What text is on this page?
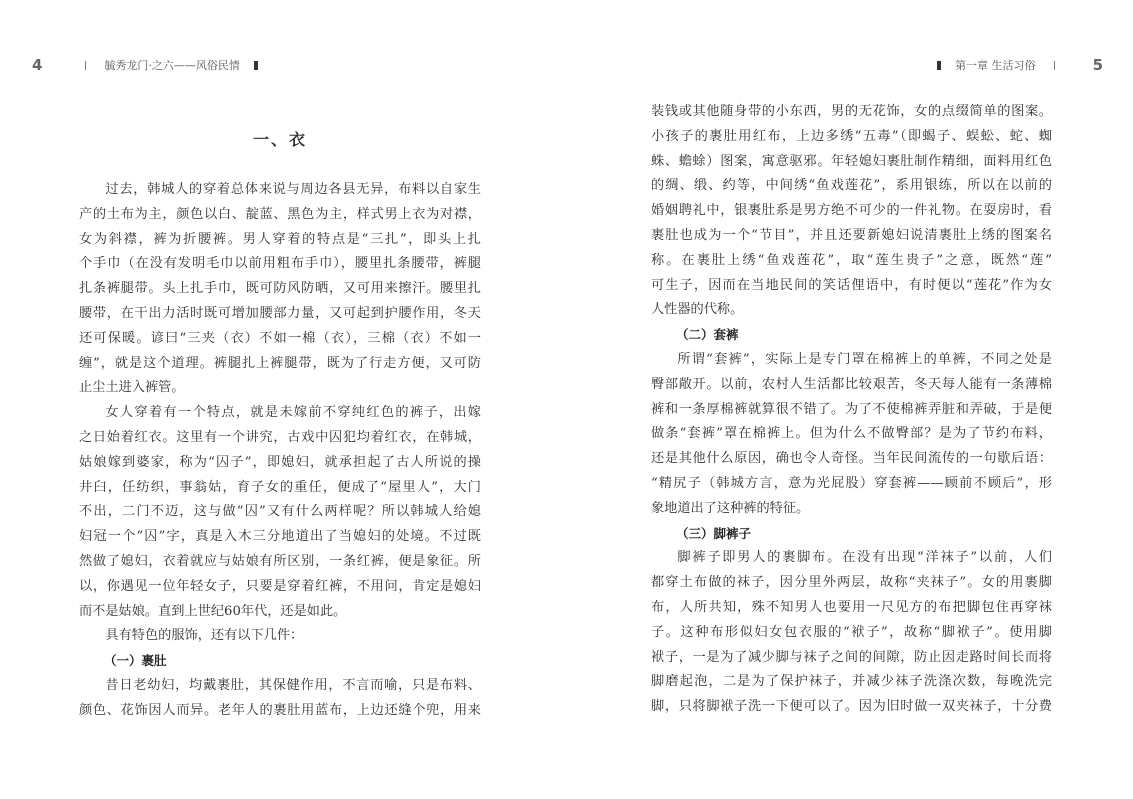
4	毓秀龙门·之六——风俗民情
一、衣
过去，韩城人的穿着总体来说与周边各县无异，布料以自家生
产的土布为主，颜色以白、靛蓝、黑色为主，样式男上衣为对襟，
女为斜襟，裤为折腰裤。男人穿着的特点是“三扎”，即头上扎
个手巾（在没有发明毛巾以前用粗布手巾），腰里扎条腰带，裤腿
扎条裤腿带。头上扎手巾，既可防风防晒，又可用来擦汗。腰里扎
腰带，在干出力活时既可增加腰部力量，又可起到护腰作用，冬天
还可保暖。谚曰“三夹（衣）不如一棉（衣），三棉（衣）不如一
缠”，就是这个道理。裤腿扎上裤腿带，既为了行走方便，又可防
止尘土进入裤管。
女人穿着有一个特点，就是未嫁前不穿纯红色的裤子，出嫁
之日始着红衣。这里有一个讲究，古戏中囚犯均着红衣，在韩城，
姑娘嫁到婆家，称为“囚子”，即媳妇，就承担起了古人所说的操
井臼，任纺织，事翁姑，育子女的重任，便成了“屋里人”，大门
不出，二门不迈，这与做“囚”又有什么两样呢？所以韩城人给媳
妇冠一个“囚”字，真是入木三分地道出了当媳妇的处境。不过既
然做了媳妇，衣着就应与姑娘有所区别，一条红裤，便是象征。所
以，你遇见一位年轻女子，只要是穿着红裤，不用问，肯定是媳妇
而不是姑娘。直到上世纪60年代，还是如此。
具有特色的服饰，还有以下几件：
（一）裹肚
昔日老幼妇，均戴裹肚，其保健作用，不言而喻，只是布料、
颜色、花饰因人而异。老年人的裹肚用蓝布，上边还缝个兜，用来
第一章 生活习俗	5
装钱或其他随身带的小东西，男的无花饰，女的点缀简单的图案。
小孩子的裹肚用红布，上边多绣“五毒”（即蝎子、蜈蚣、蛇、蜘
蛛、蟾蜍）图案，寓意驱邪。年轻媳妇裹肚制作精细，面料用红色
的绸、缎、约等，中间绣“鱼戏莲花”，系用银练，所以在以前的
婚姻聘礼中，银裹肚系是男方绝不可少的一件礼物。在耍房时，看
裹肚也成为一个“节目”，并且还要新媳妇说清裹肚上绣的图案名
称。在裹肚上绣“鱼戏莲花”，取“莲生贵子”之意，既然“莲”
可生子，因而在当地民间的笑话俚语中，有时便以“莲花”作为女
人性器的代称。
（二）套裤
所谓“套裤”，实际上是专门罩在棉裤上的单裤，不同之处是
臀部敞开。以前，农村人生活都比较艰苦，冬天每人能有一条薄棉
裤和一条厚棉裤就算很不错了。为了不使棉裤弄脏和弄破，于是便
做条“套裤”罩在棉裤上。但为什么不做臀部？是为了节约布料，
还是其他什么原因，确也令人奇怪。当年民间流传的一句歇后语：
“精尻子（韩城方言，意为光屁股）穿套裤——顾前不顾后”，形
象地道出了这种裤的特征。
（三）脚裤子
脚裤子即男人的裹脚布。在没有出现“洋袜子”以前，人们
都穿土布做的袜子，因分里外两层，故称“夹袜子”。女的用裹脚
布，人所共知，殊不知男人也要用一尺见方的布把脚包住再穿袜
子。这种布形似妇女包衣服的“袱子”，故称“脚袱子”。使用脚
袱子，一是为了减少脚与袜子之间的间隙，防止因走路时间长而将
脚磨起泡，二是为了保护袜子，并减少袜子洗涤次数，每晚洗完
脚，只将脚袱子洗一下便可以了。因为旧时做一双夹袜子，十分费
